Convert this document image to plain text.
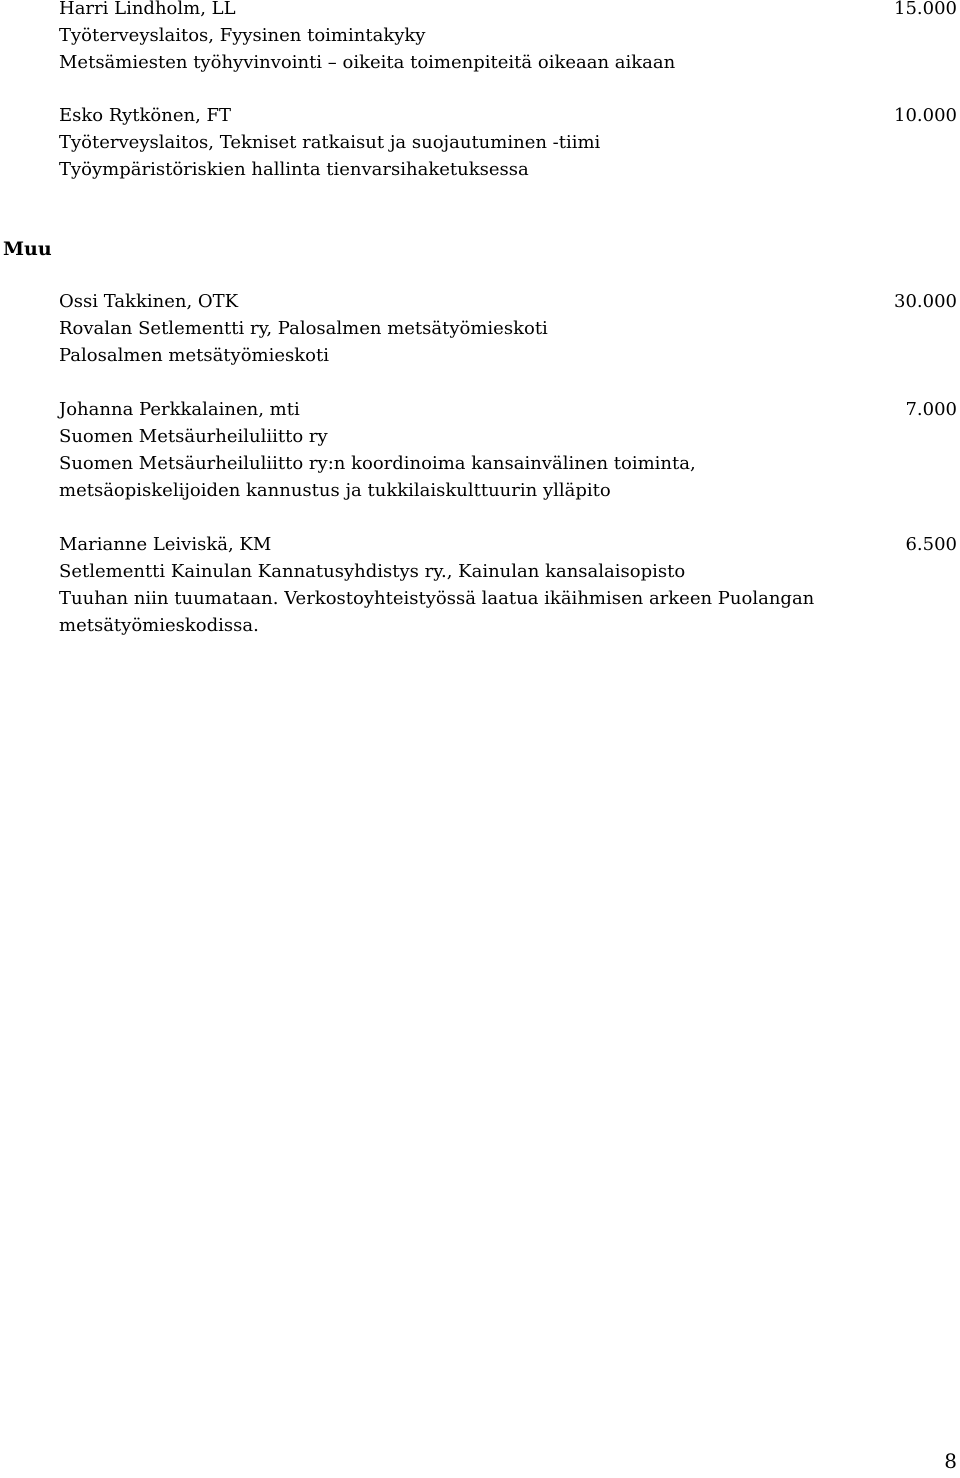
Harri Lindholm, LL	15.000
Työterveyslaitos, Fyysinen toimintakyky
Metsämiesten työhyvinvointi – oikeita toimenpiteitä oikeaan aikaan
Esko Rytkönen, FT	10.000
Työterveyslaitos, Tekniset ratkaisut ja suojautuminen -tiimi
Työympäristöriskien hallinta tienvarsihaketuksessa
Muu
Ossi Takkinen, OTK	30.000
Rovalan Setlementti ry, Palosalmen metsätyömieskoti
Palosalmen metsätyömieskoti
Johanna Perkkalainen, mti	7.000
Suomen Metsäurheiluliitto ry
Suomen Metsäurheiluliitto ry:n koordinoima kansainvälinen toiminta,
metsäopiskelijoiden kannustus ja tukkilaiskulttuurin ylläpito
Marianne Leiviskä, KM	6.500
Setlementti Kainulan Kannatusyhdistys ry., Kainulan kansalaisopisto
Tuuhan niin tuumataan. Verkostoyhteistyössä laatua ikäihmisen arkeen Puolangan
metsätyömieskodissa.
8
